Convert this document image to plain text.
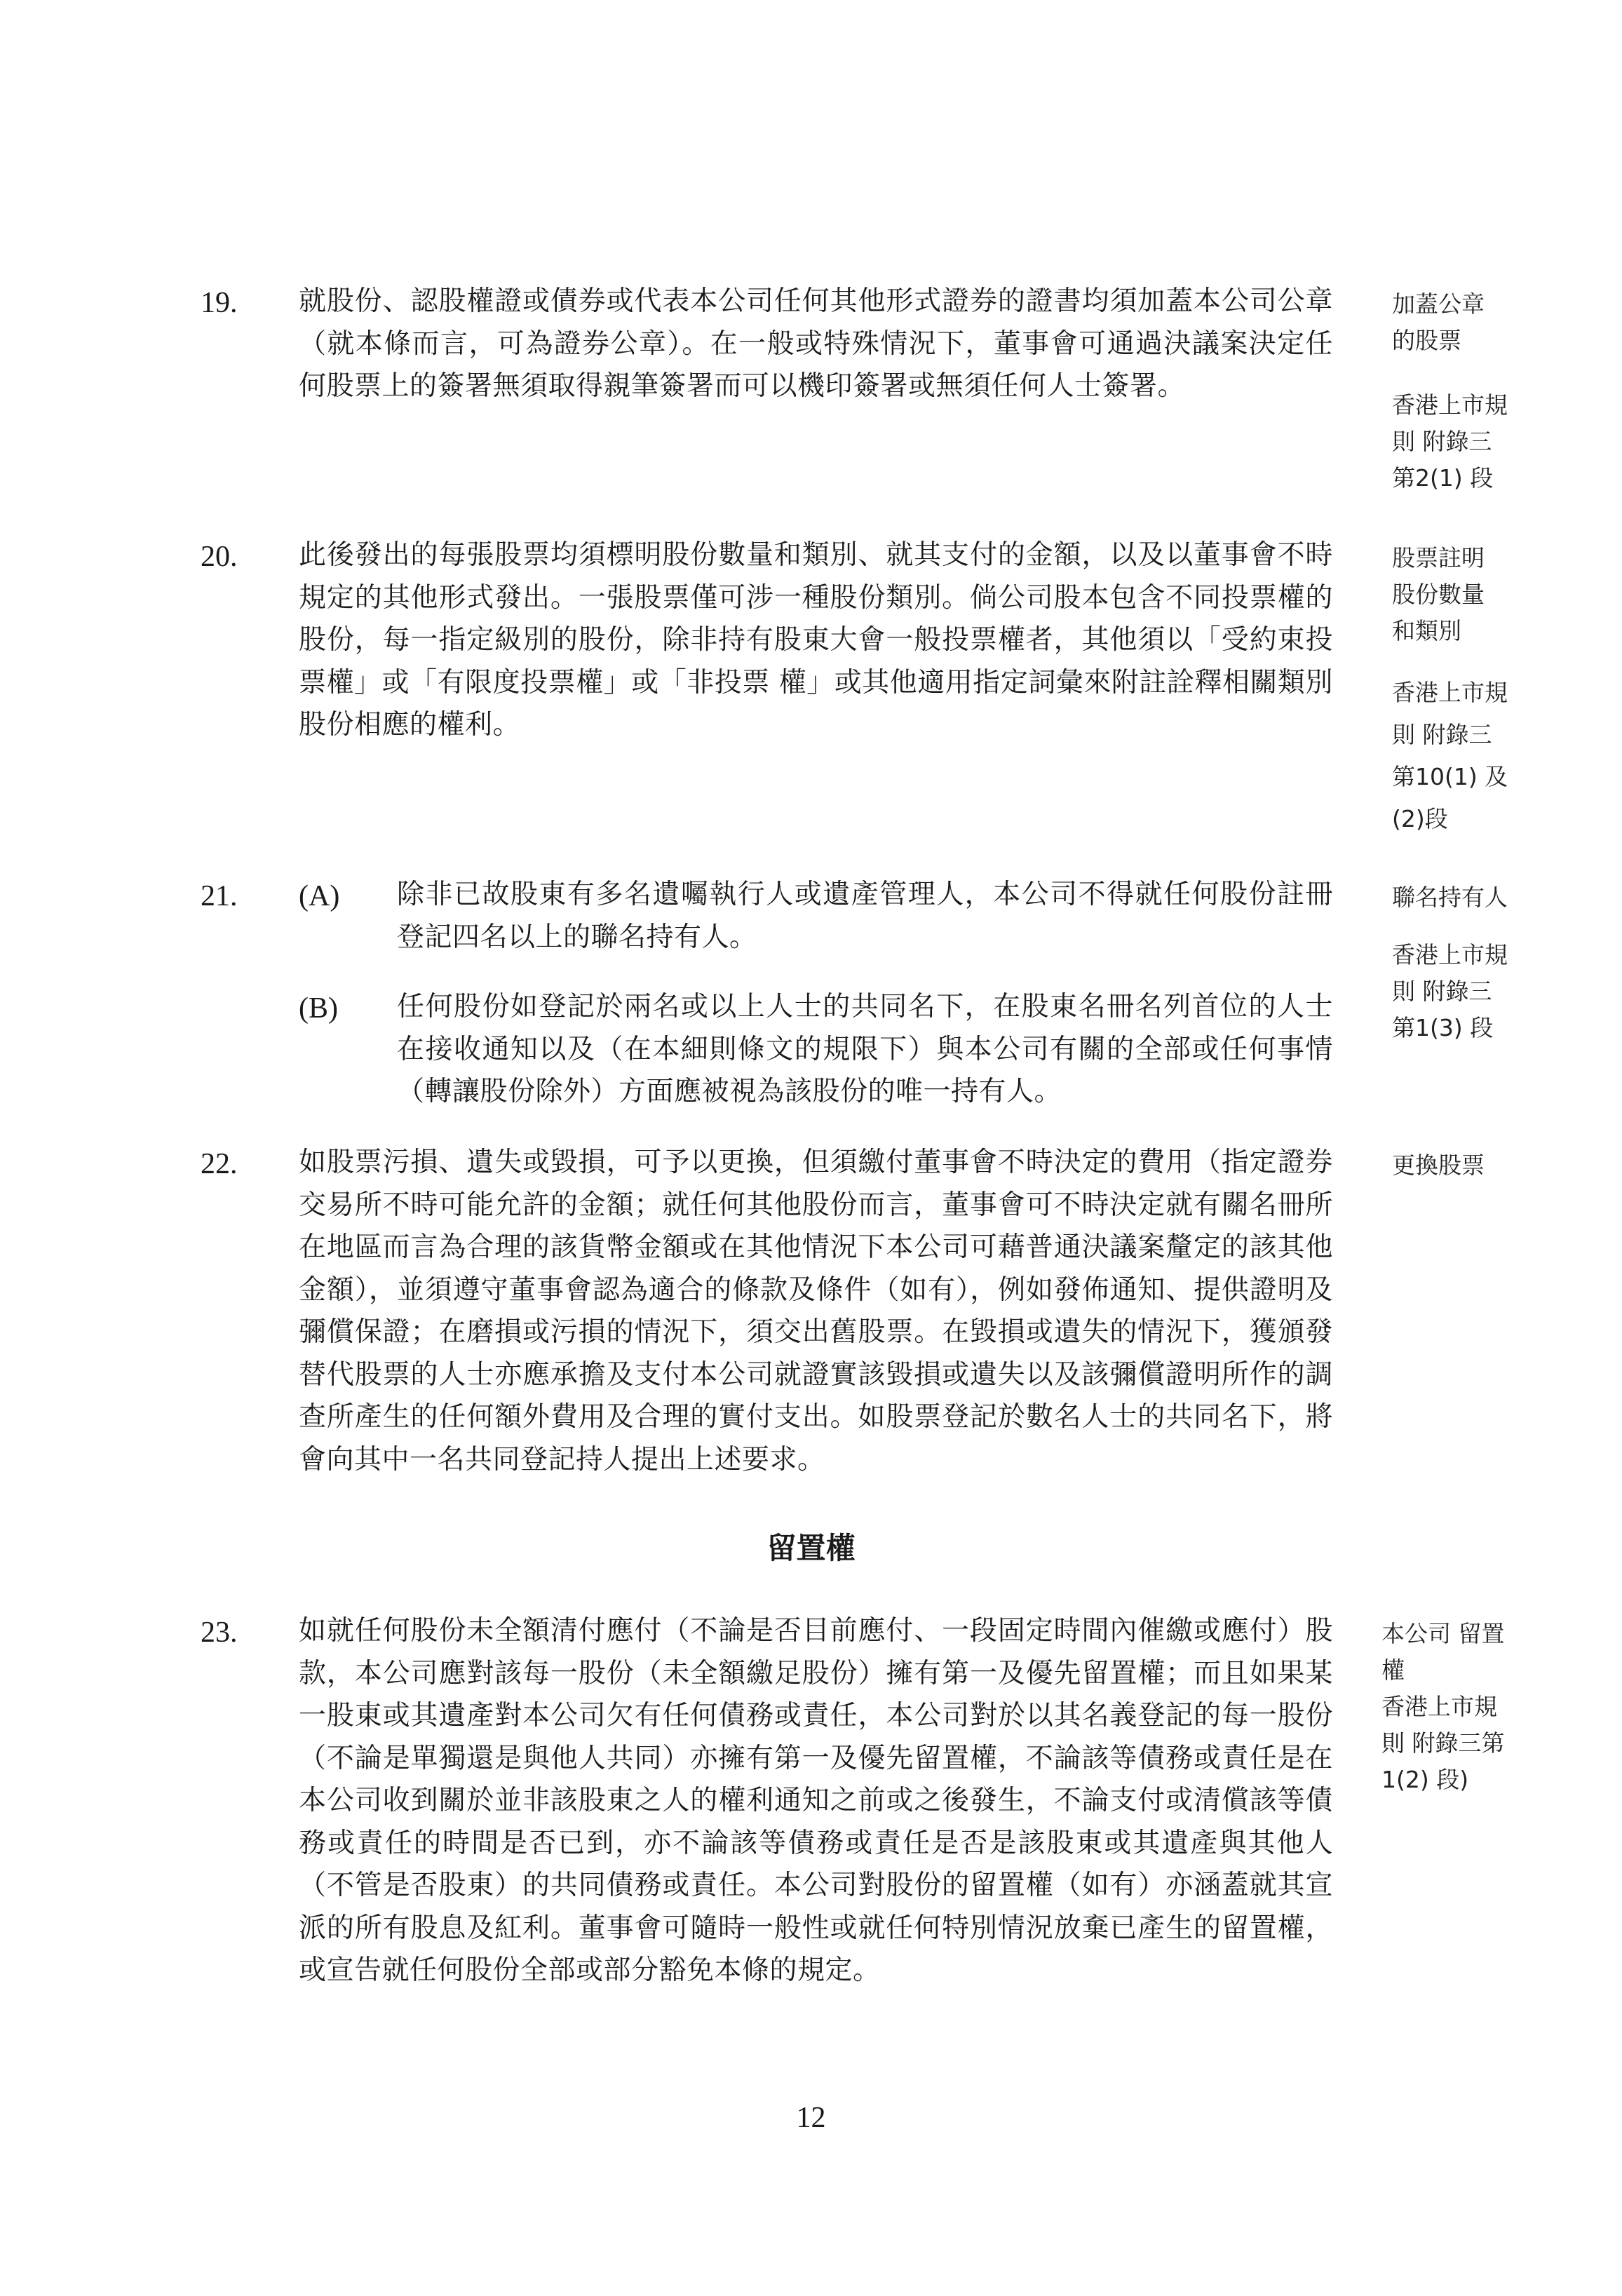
19. 就股份、認股權證或債券或代表本公司任何其他形式證券的證書均須加蓋本公司公章（就本條而言，可為證券公章）。在一般或特殊情況下，董事會可通過決議案決定任何股票上的簽署無須取得親筆簽署而可以機印簽署或無須任何人士簽署。
加蓋公章
的股票
香港上市規
則 附錄三
第2(1) 段
20. 此後發出的每張股票均須標明股份數量和類別、就其支付的金額，以及以董事會不時規定的其他形式發出。一張股票僅可涉一種股份類別。倘公司股本包含不同投票權的股份，每一指定級別的股份，除非持有股東大會一般投票權者，其他須以「受約束投票權」或「有限度投票權」或「非投票 權」或其他適用指定詞彙來附註詮釋相關類別股份相應的權利。
股票註明
股份數量
和類別
香港上市規
則 附錄三
第10(1) 及
(2)段
21. (A) 除非已故股東有多名遺囑執行人或遺產管理人，本公司不得就任何股份註冊登記四名以上的聯名持有人。
(B) 任何股份如登記於兩名或以上人士的共同名下，在股東名冊名列首位的人士在接收通知以及（在本細則條文的規限下）與本公司有關的全部或任何事情（轉讓股份除外）方面應被視為該股份的唯一持有人。
聯名持有人
香港上市規
則 附錄三
第1(3) 段
22. 如股票污損、遺失或毀損，可予以更換，但須繳付董事會不時決定的費用（指定證券交易所不時可能允許的金額；就任何其他股份而言，董事會可不時決定就有關名冊所在地區而言為合理的該貨幣金額或在其他情況下本公司可藉普通決議案釐定的該其他金額），並須遵守董事會認為適合的條款及條件（如有），例如發佈通知、提供證明及彌償保證；在磨損或污損的情況下，須交出舊股票。在毀損或遺失的情況下，獲頒發替代股票的人士亦應承擔及支付本公司就證實該毀損或遺失以及該彌償證明所作的調查所產生的任何額外費用及合理的實付支出。如股票登記於數名人士的共同名下，將會向其中一名共同登記持人提出上述要求。
更換股票
留置權
23. 如就任何股份未全額清付應付（不論是否目前應付、一段固定時間內催繳或應付）股款，本公司應對該每一股份（未全額繳足股份）擁有第一及優先留置權；而且如果某一股東或其遺產對本公司欠有任何債務或責任，本公司對於以其名義登記的每一股份（不論是單獨還是與他人共同）亦擁有第一及優先留置權，不論該等債務或責任是在本公司收到關於並非該股東之人的權利通知之前或之後發生，不論支付或清償該等債務或責任的時間是否已到，亦不論該等債務或責任是否是該股東或其遺產與其他人（不管是否股東）的共同債務或責任。本公司對股份的留置權（如有）亦涵蓋就其宣派的所有股息及紅利。董事會可隨時一般性或就任何特別情況放棄已產生的留置權，或宣告就任何股份全部或部分豁免本條的規定。
本公司 留置
權
香港上市規
則 附錄三第
1(2) 段)
12
